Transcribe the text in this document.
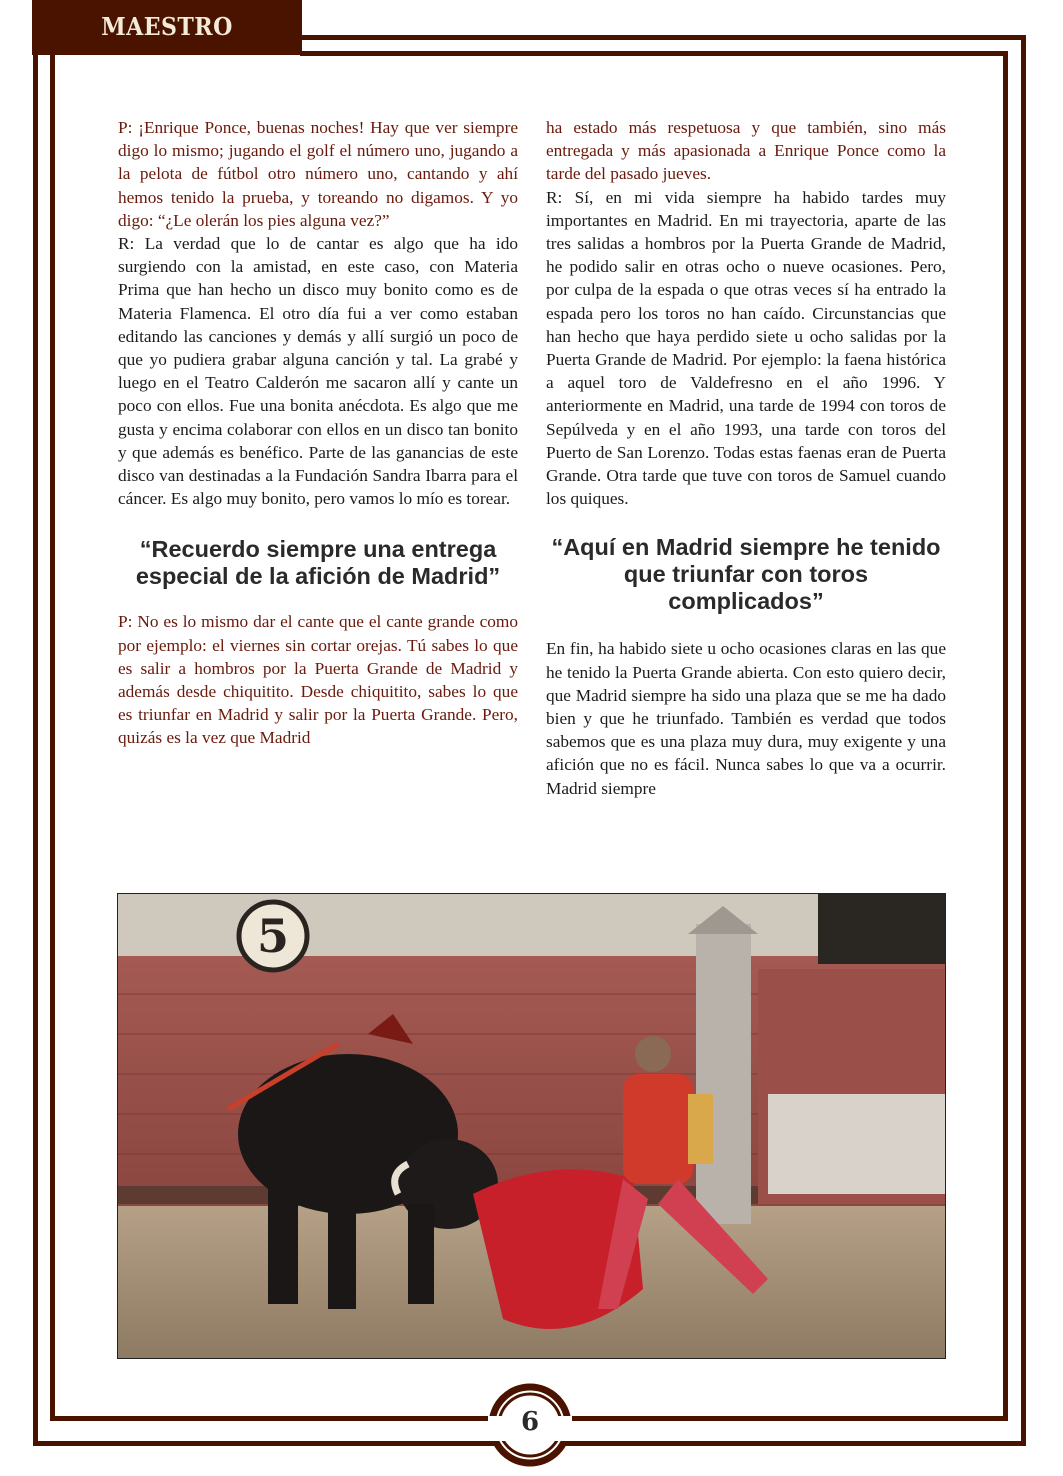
MAESTRO

P: ¡Enrique Ponce, buenas noches! Hay que ver siempre digo lo mismo; jugando el golf el número uno, jugando a la pelota de fútbol otro número uno, cantando y ahí hemos tenido la prueba, y toreando no digamos. Y yo digo: “¿Le olerán los pies alguna vez?”

R: La verdad que lo de cantar es algo que ha ido surgiendo con la amistad, en este caso, con Materia Prima que han hecho un disco muy bonito como es de Materia Flamenca. El otro día fui a ver como estaban editando las canciones y demás y allí surgió un poco de que yo pudiera grabar alguna canción y tal. La grabé y luego en el Teatro Calderón me sacaron allí y cante un poco con ellos. Fue una bonita anécdota. Es algo que me gusta y encima colaborar con ellos en un disco tan bonito y que además es benéfico. Parte de las ganancias de este disco van destinadas a la Fundación Sandra Ibarra para el cáncer. Es algo muy bonito, pero vamos lo mío es torear.

“Recuerdo siempre una entrega especial de la afición de Madrid”

P: No es lo mismo dar el cante que el cante grande como por ejemplo: el viernes sin cortar orejas. Tú sabes lo que es salir a hombros por la Puerta Grande de Madrid y además desde chiquitito. Desde chiquitito, sabes lo que es triunfar en Madrid y salir por la Puerta Grande. Pero, quizás es la vez que Madrid

ha estado más respetuosa y que también, sino más entregada y más apasionada a Enrique Ponce como la tarde del pasado jueves.

R: Sí, en mi vida siempre ha habido tardes muy importantes en Madrid. En mi trayectoria, aparte de las tres salidas a hombros por la Puerta Grande de Madrid, he podido salir en otras ocho o nueve ocasiones. Pero, por culpa de la espada o que otras veces sí ha entrado la espada pero los toros no han caído. Circunstancias que han hecho que haya perdido siete u ocho salidas por la Puerta Grande de Madrid. Por ejemplo: la faena histórica a aquel toro de Valdefresno en el año 1996. Y anteriormente en Madrid, una tarde de 1994 con toros de Sepúlveda y en el año 1993, una tarde con toros del Puerto de San Lorenzo. Todas estas faenas eran de Puerta Grande. Otra tarde que tuve con toros de Samuel cuando los quiques.

“Aquí en Madrid siempre he tenido que triunfar con toros complicados”

En fin, ha habido siete u ocho ocasiones claras en las que he tenido la Puerta Grande abierta. Con esto quiero decir, que Madrid siempre ha sido una plaza que se me ha dado bien y que he triunfado. También es verdad que todos sabemos que es una plaza muy dura, muy exigente y una afición que no es fácil. Nunca sabes lo que va a ocurrir. Madrid siempre

5
6
